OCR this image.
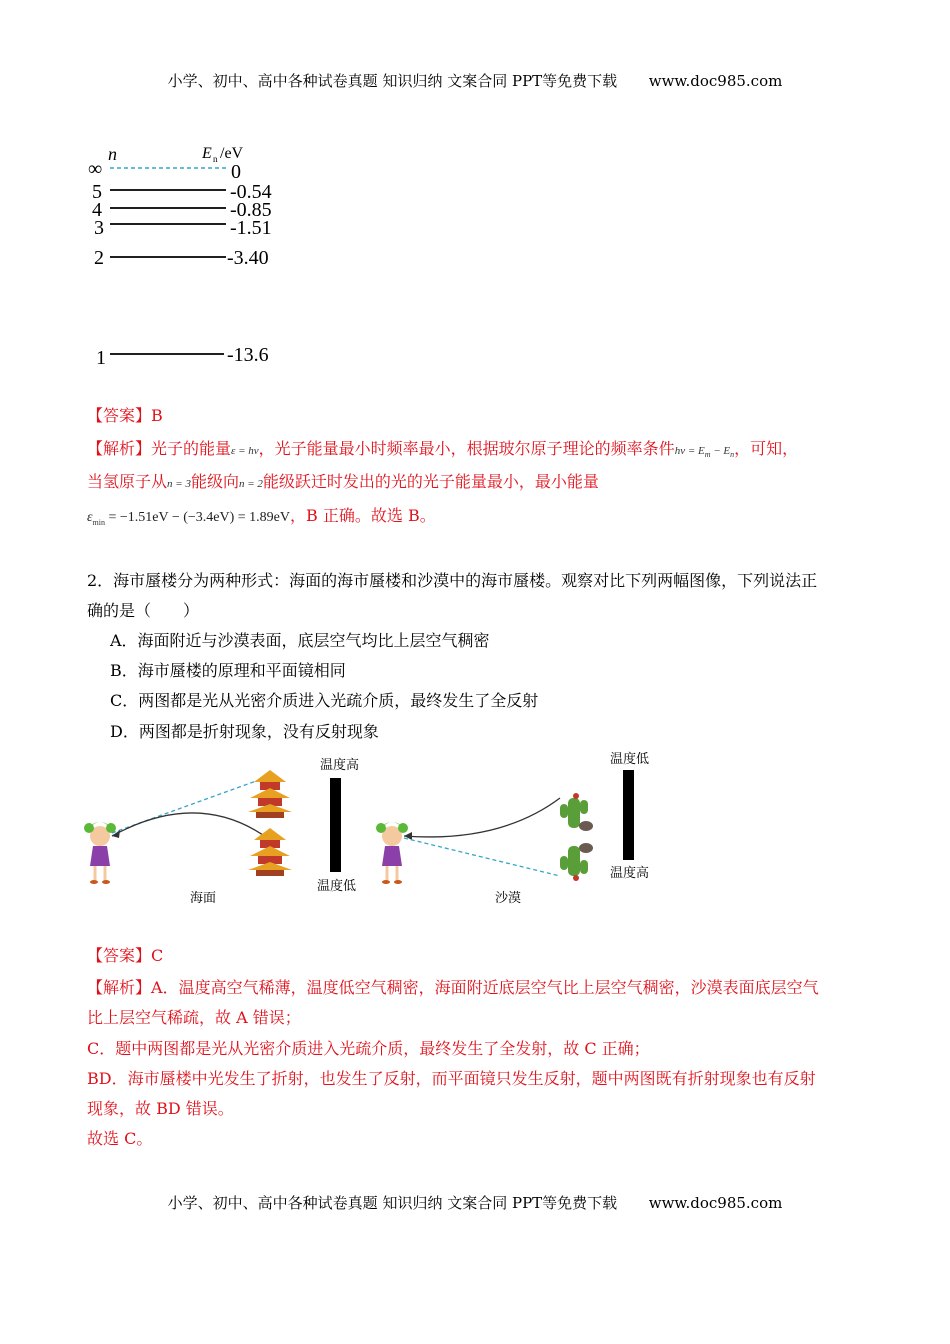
小学、初中、高中各种试卷真题 知识归纳 文案合同 PPT等免费下载 www.doc985.com
n	E n /eV
∞	0
5	-0.54
4	-0.85
3	-1.51
2	-3.40
1	-13.6
【答案】B
【解析】光子的能量ε = hν，光子能量最小时频率最小，根据玻尔原子理论的频率条件$h\nu = E_m - E_n$，可知，
当氢原子从n = 3能级向n = 2能级跃迁时发出的光的光子能量最小，最小能量
$\varepsilon_{min} = -1.51eV - (-3.4eV) = 1.89eV$，B 正确。故选 B。
2．海市蜃楼分为两种形式：海面的海市蜃楼和沙漠中的海市蜃楼。观察对比下列两幅图像，下列说法正
确的是（　　）
A．海面附近与沙漠表面，底层空气均比上层空气稠密
B．海市蜃楼的原理和平面镜相同
C．两图都是光从光密介质进入光疏介质，最终发生了全反射
D．两图都是折射现象，没有反射现象
温度高
温度低
海面
温度低
温度高
沙漠
【答案】C
【解析】A．温度高空气稀薄，温度低空气稠密，海面附近底层空气比上层空气稠密，沙漠表面底层空气
比上层空气稀疏，故 A 错误；
C．题中两图都是光从光密介质进入光疏介质，最终发生了全发射，故 C 正确；
BD．海市蜃楼中光发生了折射，也发生了反射，而平面镜只发生反射，题中两图既有折射现象也有反射
现象，故 BD 错误。
故选 C。
小学、初中、高中各种试卷真题 知识归纳 文案合同 PPT等免费下载 www.doc985.com
